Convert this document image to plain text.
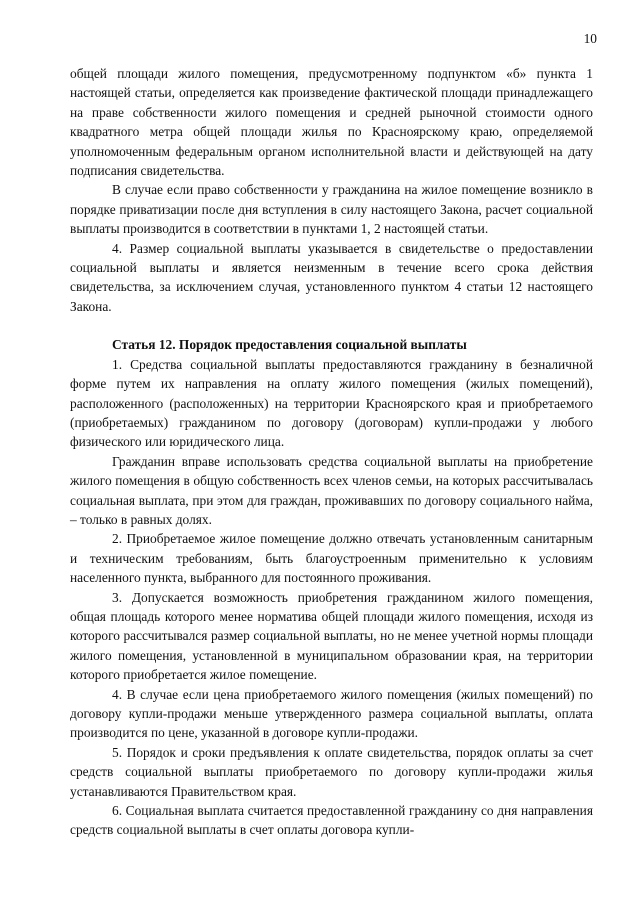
10

общей площади жилого помещения, предусмотренному подпунктом «б» пункта 1 настоящей статьи, определяется как произведение фактической площади принадлежащего на праве собственности жилого помещения и средней рыночной стоимости одного квадратного метра общей площади жилья по Красноярскому краю, определяемой уполномоченным федеральным органом исполнительной власти и действующей на дату подписания свидетельства.

В случае если право собственности у гражданина на жилое помещение возникло в порядке приватизации после дня вступления в силу настоящего Закона, расчет социальной выплаты производится в соответствии в пунктами 1, 2 настоящей статьи.

4. Размер социальной выплаты указывается в свидетельстве о предоставлении социальной выплаты и является неизменным в течение всего срока действия свидетельства, за исключением случая, установленного пунктом 4 статьи 12 настоящего Закона.

Статья 12. Порядок предоставления социальной выплаты

1. Средства социальной выплаты предоставляются гражданину в безналичной форме путем их направления на оплату жилого помещения (жилых помещений), расположенного (расположенных) на территории Красноярского края и приобретаемого (приобретаемых) гражданином по договору (договорам) купли-продажи у любого физического или юридического лица.

Гражданин вправе использовать средства социальной выплаты на приобретение жилого помещения в общую собственность всех членов семьи, на которых рассчитывалась социальная выплата, при этом для граждан, проживавших по договору социального найма, – только в равных долях.

2. Приобретаемое жилое помещение должно отвечать установленным санитарным и техническим требованиям, быть благоустроенным применительно к условиям населенного пункта, выбранного для постоянного проживания.

3. Допускается возможность приобретения гражданином жилого помещения, общая площадь которого менее норматива общей площади жилого помещения, исходя из которого рассчитывался размер социальной выплаты, но не менее учетной нормы площади жилого помещения, установленной в муниципальном образовании края, на территории которого приобретается жилое помещение.

4. В случае если цена приобретаемого жилого помещения (жилых помещений) по договору купли-продажи меньше утвержденного размера социальной выплаты, оплата производится по цене, указанной в договоре купли-продажи.

5. Порядок и сроки предъявления к оплате свидетельства, порядок оплаты за счет средств социальной выплаты приобретаемого по договору купли-продажи жилья устанавливаются Правительством края.

6. Социальная выплата считается предоставленной гражданину со дня направления средств социальной выплаты в счет оплаты договора купли-
